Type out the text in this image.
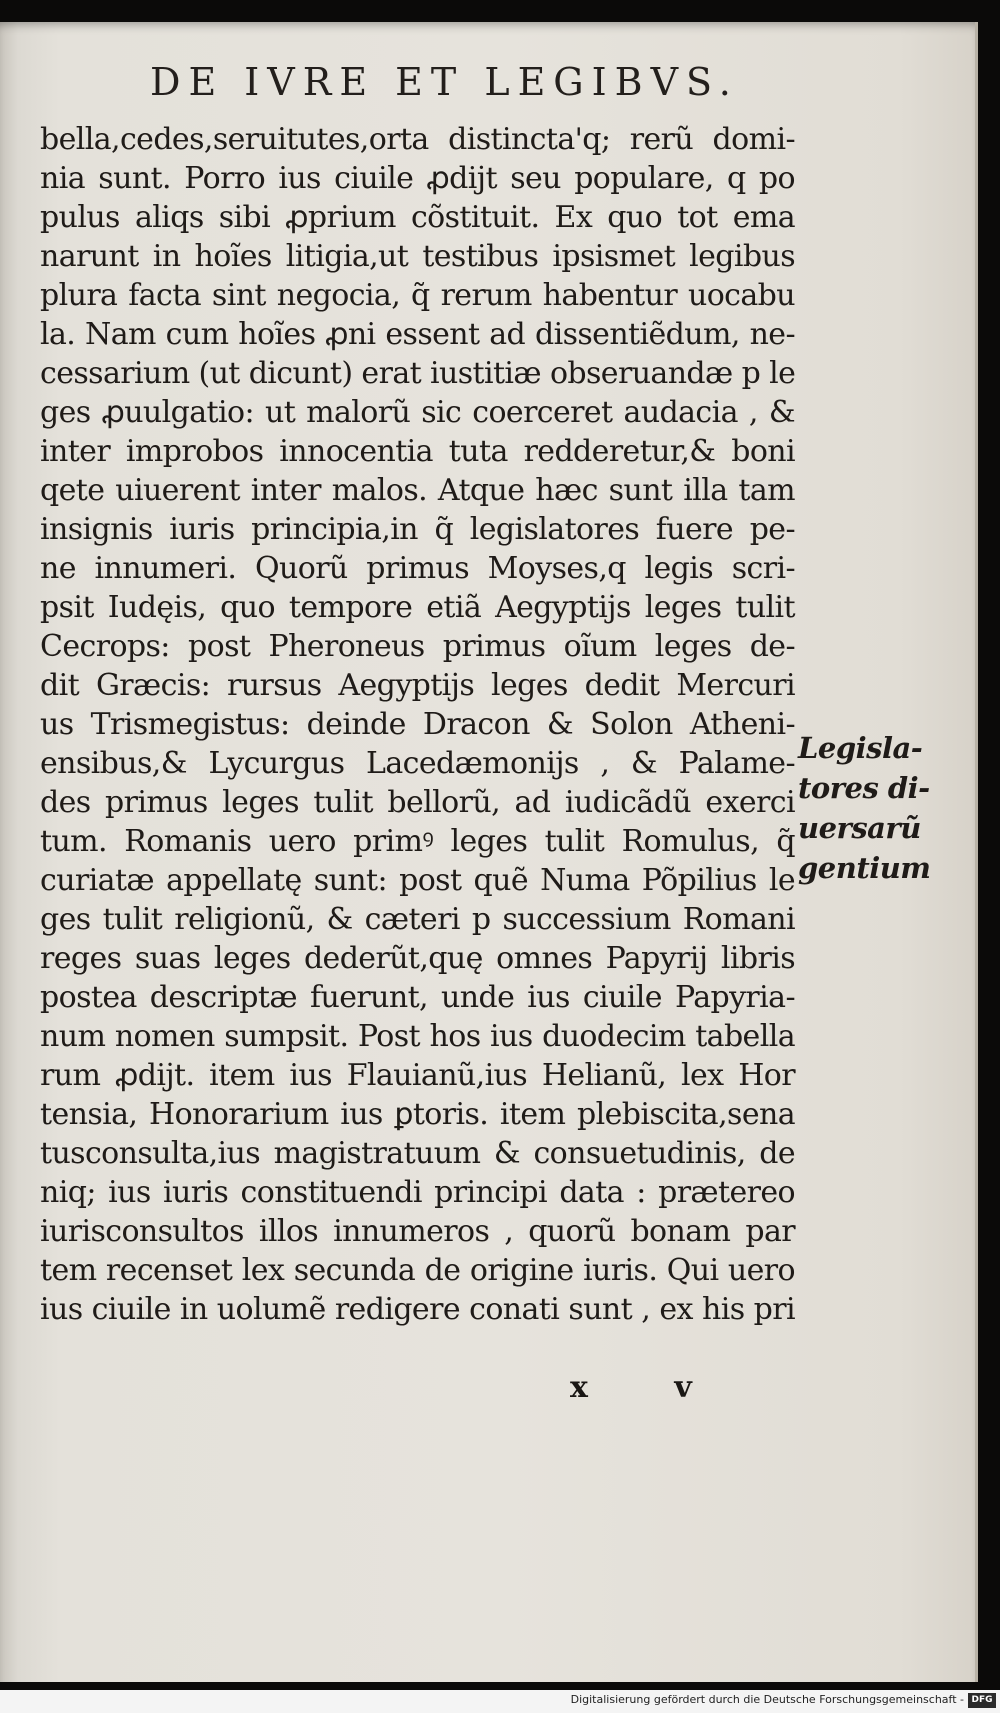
DE IVRE ET LEGIBVS.
bella,cedes,seruitutes,orta distincta'q; rerũ domi-
nia sunt. Porro ius ciuile ꝓdijt seu populare, q po
pulus aliqs sibi ꝓprium cõstituit. Ex quo tot ema
narunt in hoĩes litigia,ut testibus ipsismet legibus
plura facta sint negocia, q̃ rerum habentur uocabu
la. Nam cum hoĩes ꝓni essent ad dissentiẽdum, ne-
cessarium (ut dicunt) erat iustitiæ obseruandæ p le
ges ꝓuulgatio: ut malorũ sic coerceret audacia , &
inter improbos innocentia tuta redderetur,& boni
qete uiuerent inter malos. Atque hæc sunt illa tam
insignis iuris principia,in q̃ legislatores fuere pe-
ne innumeri. Quorũ primus Moyses,q legis scri-
psit Iudęis, quo tempore etiã Aegyptijs leges tulit
Cecrops: post Pheroneus primus oĩum leges de-
dit Græcis: rursus Aegyptijs leges dedit Mercuri
us Trismegistus: deinde Dracon & Solon Atheni-
ensibus,& Lycurgus Lacedæmonijs , & Palame-
des primus leges tulit bellorũ, ad iudicãdũ exerci
tum. Romanis uero primꝰ leges tulit Romulus, q̃
curiatæ appellatę sunt: post quẽ Numa Põpilius le
ges tulit religionũ, & cæteri p successium Romani
reges suas leges dederũt,quę omnes Papyrij libris
postea descriptæ fuerunt, unde ius ciuile Papyria-
num nomen sumpsit. Post hos ius duodecim tabella
rum ꝓdijt. item ius Flauianũ,ius Helianũ, lex Hor
tensia, Honorarium ius ꝑtoris. item plebiscita,sena
tusconsulta,ius magistratuum & consuetudinis, de
niq; ius iuris constituendi principi data : prætereo
iurisconsultos illos innumeros , quorũ bonam par
tem recenset lex secunda de origine iuris. Qui uero
ius ciuile in uolumẽ redigere conati sunt , ex his pri
Legisla-
tores di-
uersarũ
gentium
x v
Digitalisierung gefördert durch die Deutsche Forschungsgemeinschaft - DFG
